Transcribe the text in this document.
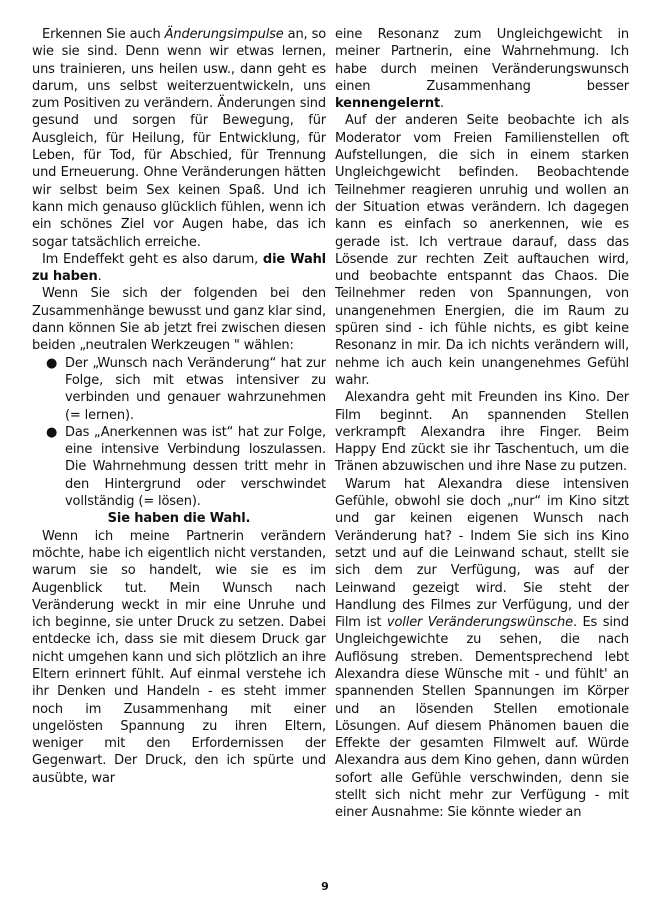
Erkennen Sie auch Änderungsimpulse an, so wie sie sind. Denn wenn wir etwas lernen, uns trainieren, uns heilen usw., dann geht es darum, uns selbst weiterzuentwickeln, uns zum Positiven zu verändern. Änderungen sind gesund und sorgen für Bewegung, für Ausgleich, für Heilung, für Entwicklung, für Leben, für Tod, für Abschied, für Trennung und Erneuerung. Ohne Veränderungen hätten wir selbst beim Sex keinen Spaß. Und ich kann mich genauso glücklich fühlen, wenn ich ein schönes Ziel vor Augen habe, das ich sogar tatsächlich erreiche.

Im Endeffekt geht es also darum, die Wahl zu haben.

Wenn Sie sich der folgenden bei den Zusammenhänge bewusst und ganz klar sind, dann können Sie ab jetzt frei zwischen diesen beiden „neutralen Werkzeugen " wählen:

● Der „Wunsch nach Veränderung“ hat zur Folge, sich mit etwas intensiver zu verbinden und genauer wahrzunehmen (= lernen).
● Das „Anerkennen was ist“ hat zur Folge, eine intensive Verbindung loszulassen. Die Wahrnehmung dessen tritt mehr in den Hintergrund oder verschwindet vollständig (= lösen).

Sie haben die Wahl.

Wenn ich meine Partnerin verändern möchte, habe ich eigentlich nicht verstanden, warum sie so handelt, wie sie es im Augenblick tut. Mein Wunsch nach Veränderung weckt in mir eine Unruhe und ich beginne, sie unter Druck zu setzen. Dabei entdecke ich, dass sie mit diesem Druck gar nicht umgehen kann und sich plötzlich an ihre Eltern erinnert fühlt. Auf einmal verstehe ich ihr Denken und Handeln - es steht immer noch im Zusammenhang mit einer ungelösten Spannung zu ihren Eltern, weniger mit den Erfordernissen der Gegenwart. Der Druck, den ich spürte und ausübte, war

eine Resonanz zum Ungleichgewicht in meiner Partnerin, eine Wahrnehmung. Ich habe durch meinen Veränderungswunsch einen Zusammenhang besser kennengelernt.

Auf der anderen Seite beobachte ich als Moderator vom Freien Familienstellen oft Aufstellungen, die sich in einem starken Ungleichgewicht befinden. Beobachtende Teilnehmer reagieren unruhig und wollen an der Situation etwas verändern. Ich dagegen kann es einfach so anerkennen, wie es gerade ist. Ich vertraue darauf, dass das Lösende zur rechten Zeit auftauchen wird, und beobachte entspannt das Chaos. Die Teilnehmer reden von Spannungen, von unangenehmen Energien, die im Raum zu spüren sind - ich fühle nichts, es gibt keine Resonanz in mir. Da ich nichts verändern will, nehme ich auch kein unangenehmes Gefühl wahr.

Alexandra geht mit Freunden ins Kino. Der Film beginnt. An spannenden Stellen verkrampft Alexandra ihre Finger. Beim Happy End zückt sie ihr Taschentuch, um die Tränen abzuwischen und ihre Nase zu putzen.

Warum hat Alexandra diese intensiven Gefühle, obwohl sie doch „nur“ im Kino sitzt und gar keinen eigenen Wunsch nach Veränderung hat? - Indem Sie sich ins Kino setzt und auf die Leinwand schaut, stellt sie sich dem zur Verfügung, was auf der Leinwand gezeigt wird. Sie steht der Handlung des Filmes zur Verfügung, und der Film ist voller Veränderungswünsche. Es sind Ungleichgewichte zu sehen, die nach Auflösung streben. Dementsprechend lebt Alexandra diese Wünsche mit - und fühlt' an spannenden Stellen Spannungen im Körper und an lösenden Stellen emotionale Lösungen. Auf diesem Phänomen bauen die Effekte der gesamten Filmwelt auf. Würde Alexandra aus dem Kino gehen, dann würden sofort alle Gefühle verschwinden, denn sie stellt sich nicht mehr zur Verfügung - mit einer Ausnahme: Sie könnte wieder an

9
